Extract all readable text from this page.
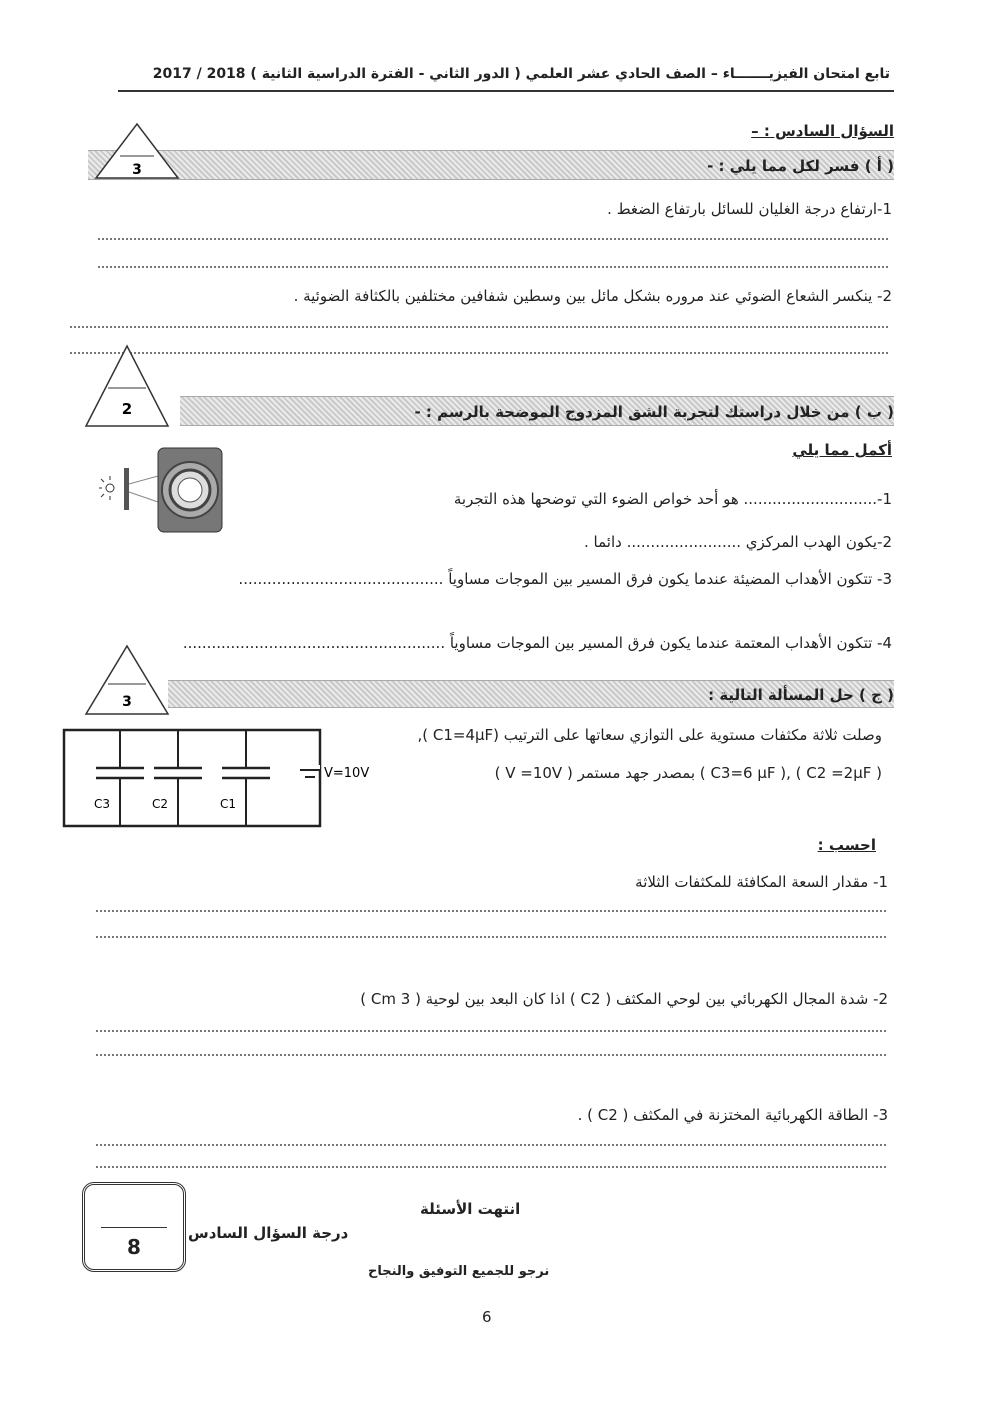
تابع امتحان الفيزيـــــــاء – الصف الحادي عشر العلمي ( الدور الثاني - الفترة الدراسية الثانية ) 2018 / 2017
السؤال السادس : –
3	( أ ) فسر لكل مما يلي : -
1-ارتفاع درجة الغليان للسائل بارتفاع الضغط .
2- ينكسر الشعاع الضوئي عند مروره بشكل مائل بين وسطين شفافين مختلفين بالكثافة الضوئية .
2	( ب ) من خلال دراستك لتجربة الشق المزدوج الموضحة بالرسم : -
أكمل مما يلي
1-............................ هو أحد خواص الضوء التي توضحها هذه التجربة
2-يكون الهدب المركزي ........................ دائما .
3- تتكون الأهداب المضيئة عندما يكون فرق المسير بين الموجات مساوياً ...........................................
4- تتكون الأهداب المعتمة عندما يكون فرق المسير بين الموجات مساوياً .......................................................
3	( ج ) حل المسألة التالية :
وصلت ثلاثة مكثفات مستوية على التوازي سعاتها على الترتيب (C1=4μF ),
( C2 =2μF ) ,( C3=6 μF ) بمصدر جهد مستمر ( V =10V )
V=10V
C3	C2	C1
احسب :
1- مقدار السعة المكافئة للمكثفات الثلاثة
2- شدة المجال الكهربائي بين لوحي المكثف ( C2 ) اذا كان البعد بين لوحية ( 3 Cm )
3- الطاقة الكهربائية المختزنة في المكثف ( C2 ) .
انتهت الأسئلة
8
درجة السؤال السادس
نرجو للجميع التوفيق والنجاح
6
